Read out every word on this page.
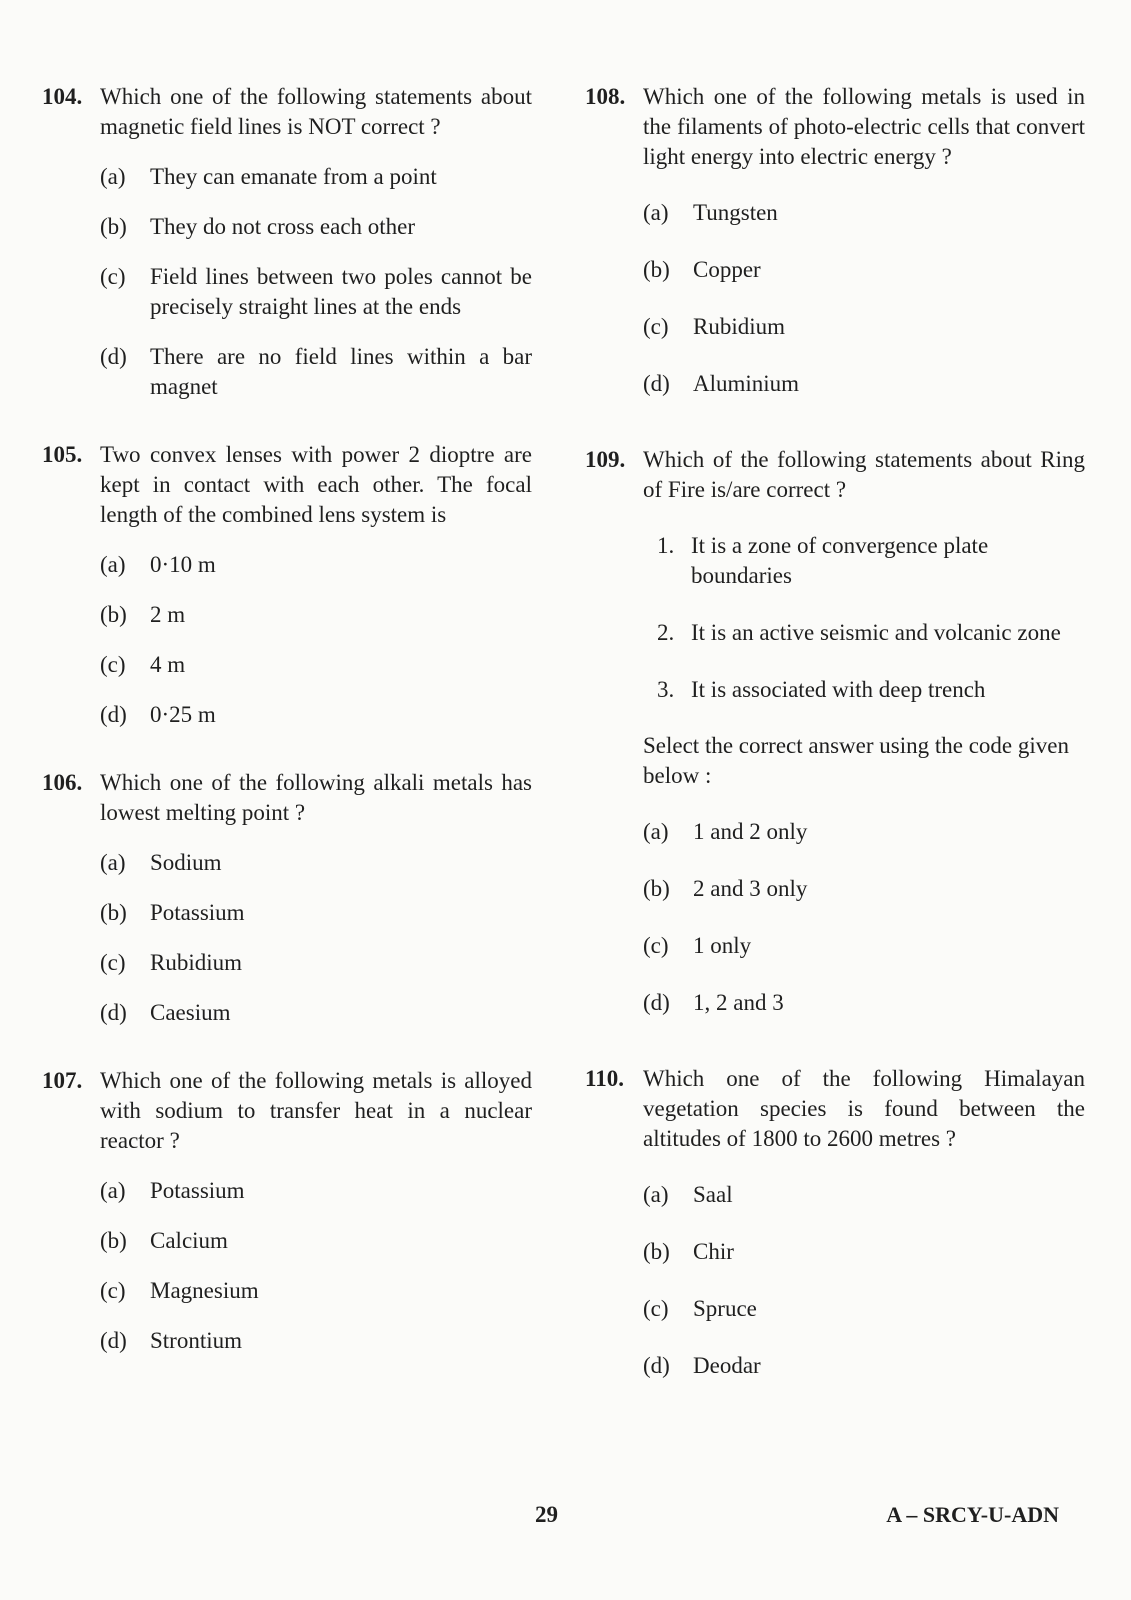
104. Which one of the following statements about magnetic field lines is NOT correct ?
(a)	They can emanate from a point
(b)	They do not cross each other
(c)	Field lines between two poles cannot be precisely straight lines at the ends
(d)	There are no field lines within a bar magnet
105. Two convex lenses with power 2 dioptre are kept in contact with each other. The focal length of the combined lens system is
(a)	0·10 m
(b)	2 m
(c)	4 m
(d)	0·25 m
106. Which one of the following alkali metals has lowest melting point ?
(a)	Sodium
(b)	Potassium
(c)	Rubidium
(d)	Caesium
107. Which one of the following metals is alloyed with sodium to transfer heat in a nuclear reactor ?
(a)	Potassium
(b)	Calcium
(c)	Magnesium
(d)	Strontium
108. Which one of the following metals is used in the filaments of photo-electric cells that convert light energy into electric energy ?
(a)	Tungsten
(b)	Copper
(c)	Rubidium
(d)	Aluminium
109. Which of the following statements about Ring of Fire is/are correct ?
1. It is a zone of convergence plate boundaries
2. It is an active seismic and volcanic zone
3. It is associated with deep trench
Select the correct answer using the code given below :
(a)	1 and 2 only
(b)	2 and 3 only
(c)	1 only
(d)	1, 2 and 3
110. Which one of the following Himalayan vegetation species is found between the altitudes of 1800 to 2600 metres ?
(a)	Saal
(b)	Chir
(c)	Spruce
(d)	Deodar
29	A – SRCY-U-ADN
